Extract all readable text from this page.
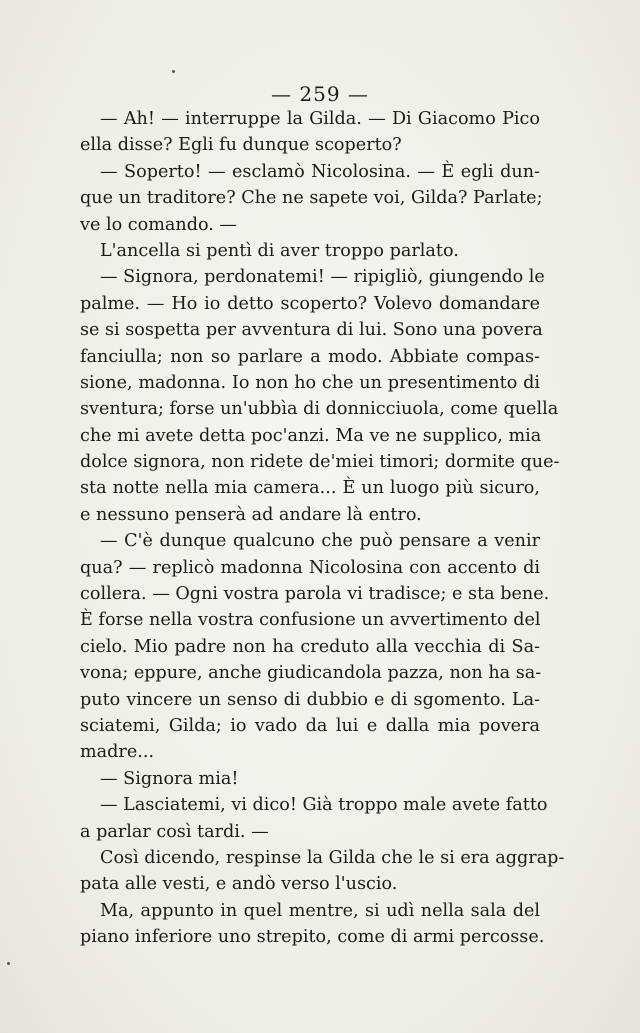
— 259 —
— Ah! — interruppe la Gilda. — Di Giacomo Pico
ella disse? Egli fu dunque scoperto?
— Soperto! — esclamò Nicolosina. — È egli dun-
que un traditore? Che ne sapete voi, Gilda? Parlate;
ve lo comando. —
L'ancella si pentì di aver troppo parlato.
— Signora, perdonatemi! — ripigliò, giungendo le
palme. — Ho io detto scoperto? Volevo domandare
se si sospetta per avventura di lui. Sono una povera
fanciulla; non so parlare a modo. Abbiate compas-
sione, madonna. Io non ho che un presentimento di
sventura; forse un'ubbìa di donnicciuola, come quella
che mi avete detta poc'anzi. Ma ve ne supplico, mia
dolce signora, non ridete de'miei timori; dormite que-
sta notte nella mia camera... È un luogo più sicuro,
e nessuno penserà ad andare là entro.
— C'è dunque qualcuno che può pensare a venir
qua? — replicò madonna Nicolosina con accento di
collera. — Ogni vostra parola vi tradisce; e sta bene.
È forse nella vostra confusione un avvertimento del
cielo. Mio padre non ha creduto alla vecchia di Sa-
vona; eppure, anche giudicandola pazza, non ha sa-
puto vincere un senso di dubbio e di sgomento. La-
sciatemi, Gilda; io vado da lui e dalla mia povera
madre...
— Signora mia!
— Lasciatemi, vi dico! Già troppo male avete fatto
a parlar così tardi. —
Così dicendo, respinse la Gilda che le si era aggrap-
pata alle vesti, e andò verso l'uscio.
Ma, appunto in quel mentre, si udì nella sala del
piano inferiore uno strepito, come di armi percosse.
